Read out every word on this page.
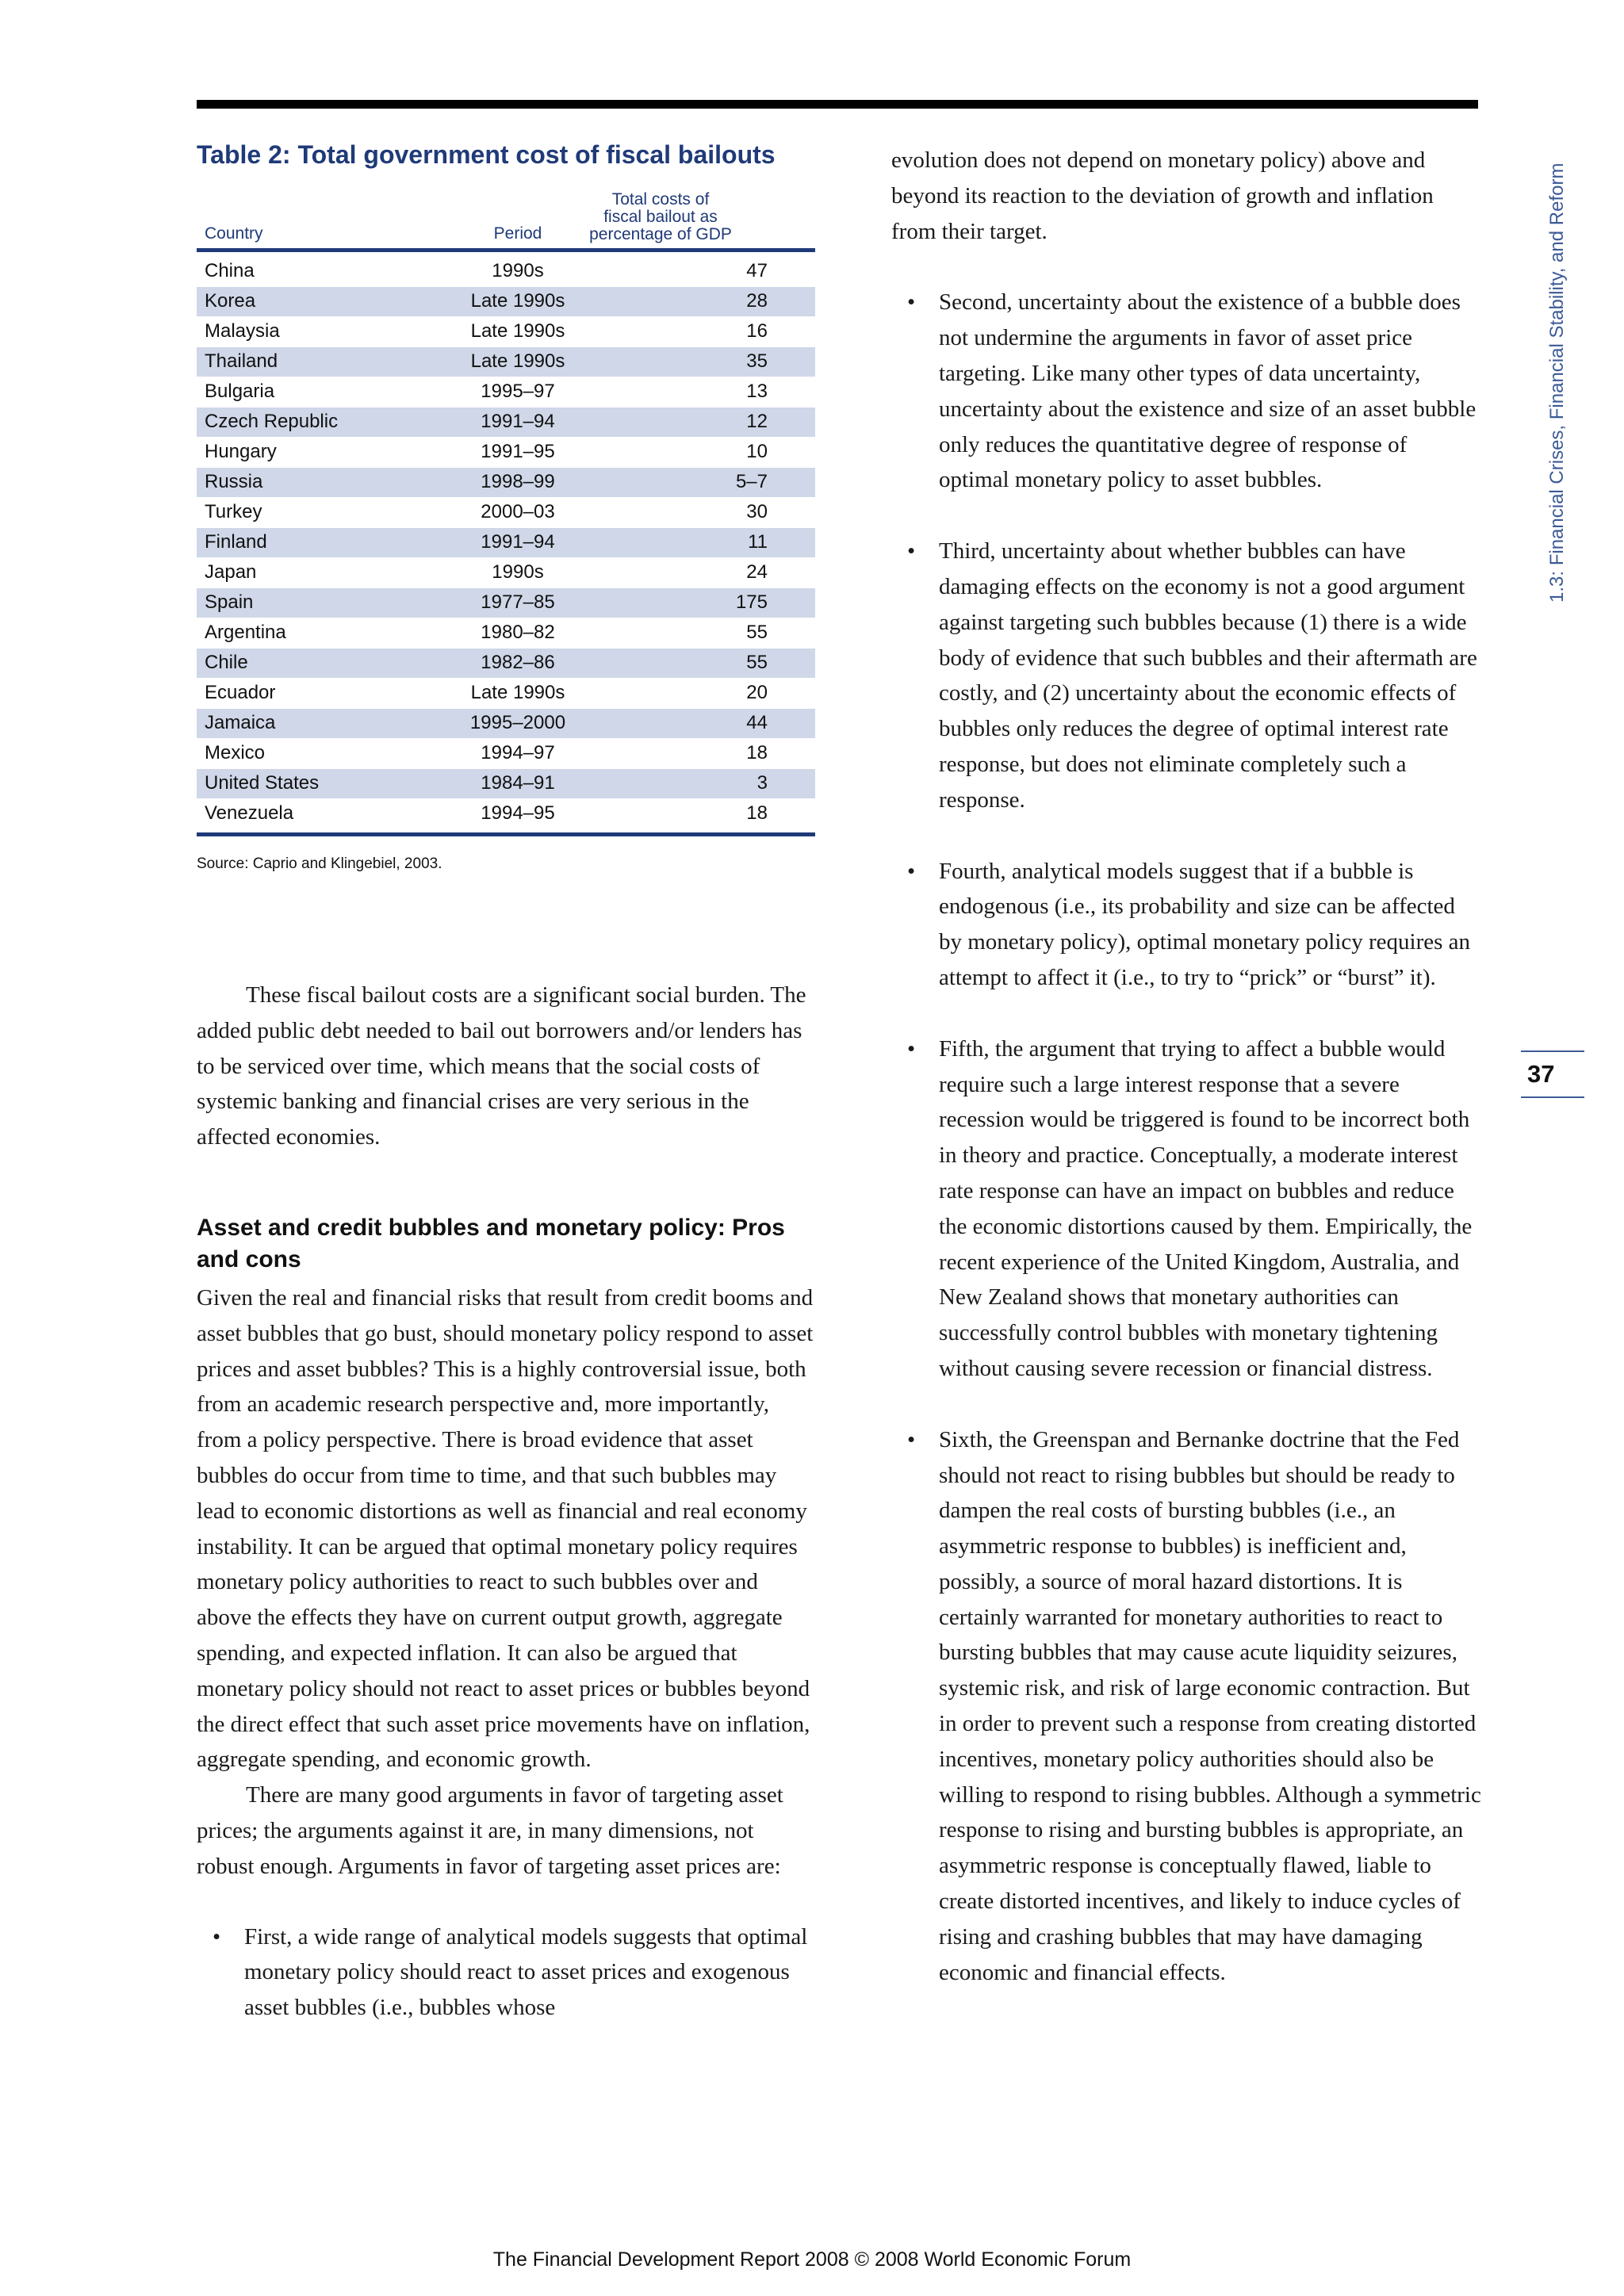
Table 2: Total government cost of fiscal bailouts
Country	Period
Total costs of
fiscal bailout as
percentage of GDP
China	1990s	47
Korea	Late 1990s	28
Malaysia	Late 1990s	16
Thailand	Late 1990s	35
Bulgaria	1995–97	13
Czech Republic	1991–94	12
Hungary	1991–95	10
Russia	1998–99	5–7
Turkey	2000–03	30
Finland	1991–94	11
Japan	1990s	24
Spain	1977–85	175
Argentina	1980–82	55
Chile	1982–86	55
Ecuador	Late 1990s	20
Jamaica	1995–2000	44
Mexico	1994–97	18
United States	1984–91	3
Venezuela	1994–95	18
Source: Caprio and Klingebiel, 2003.

These fiscal bailout costs are a significant social burden. The added public debt needed to bail out borrowers and/or lenders has to be serviced over time, which means that the social costs of systemic banking and financial crises are very serious in the affected economies.

Asset and credit bubbles and monetary policy: Pros and cons

Given the real and financial risks that result from credit booms and asset bubbles that go bust, should monetary policy respond to asset prices and asset bubbles? This is a highly controversial issue, both from an academic research perspective and, more importantly, from a policy perspective. There is broad evidence that asset bubbles do occur from time to time, and that such bubbles may lead to economic distortions as well as financial and real economy instability. It can be argued that optimal monetary policy requires monetary policy authorities to react to such bubbles over and above the effects they have on current output growth, aggregate spending, and expected inflation. It can also be argued that monetary policy should not react to asset prices or bubbles beyond the direct effect that such asset price movements have on inflation, aggregate spending, and economic growth.

There are many good arguments in favor of targeting asset prices; the arguments against it are, in many dimensions, not robust enough. Arguments in favor of targeting asset prices are:

• First, a wide range of analytical models suggests that optimal monetary policy should react to asset prices and exogenous asset bubbles (i.e., bubbles whose

evolution does not depend on monetary policy) above and beyond its reaction to the deviation of growth and inflation from their target.

• Second, uncertainty about the existence of a bubble does not undermine the arguments in favor of asset price targeting. Like many other types of data uncertainty, uncertainty about the existence and size of an asset bubble only reduces the quantitative degree of response of optimal monetary policy to asset bubbles.
• Third, uncertainty about whether bubbles can have damaging effects on the economy is not a good argument against targeting such bubbles because (1) there is a wide body of evidence that such bubbles and their aftermath are costly, and (2) uncertainty about the economic effects of bubbles only reduces the degree of optimal interest rate response, but does not eliminate completely such a response.
• Fourth, analytical models suggest that if a bubble is endogenous (i.e., its probability and size can be affected by monetary policy), optimal monetary policy requires an attempt to affect it (i.e., to try to “prick” or “burst” it).
• Fifth, the argument that trying to affect a bubble would require such a large interest response that a severe recession would be triggered is found to be incorrect both in theory and practice. Conceptually, a moderate interest rate response can have an impact on bubbles and reduce the economic distortions caused by them. Empirically, the recent experience of the United Kingdom, Australia, and New Zealand shows that monetary authorities can successfully control bubbles with monetary tightening without causing severe recession or financial distress.
• Sixth, the Greenspan and Bernanke doctrine that the Fed should not react to rising bubbles but should be ready to dampen the real costs of bursting bubbles (i.e., an asymmetric response to bubbles) is inefficient and, possibly, a source of moral hazard distortions. It is certainly warranted for monetary authorities to react to bursting bubbles that may cause acute liquidity seizures, systemic risk, and risk of large economic contraction. But in order to prevent such a response from creating distorted incentives, monetary policy authorities should also be willing to respond to rising bubbles. Although a symmetric response to rising and bursting bubbles is appropriate, an asymmetric response is conceptually flawed, liable to create distorted incentives, and likely to induce cycles of rising and crashing bubbles that may have damaging economic and financial effects.
1.3: Financial Crises, Financial Stability, and Reform
37
The Financial Development Report 2008 © 2008 World Economic Forum
